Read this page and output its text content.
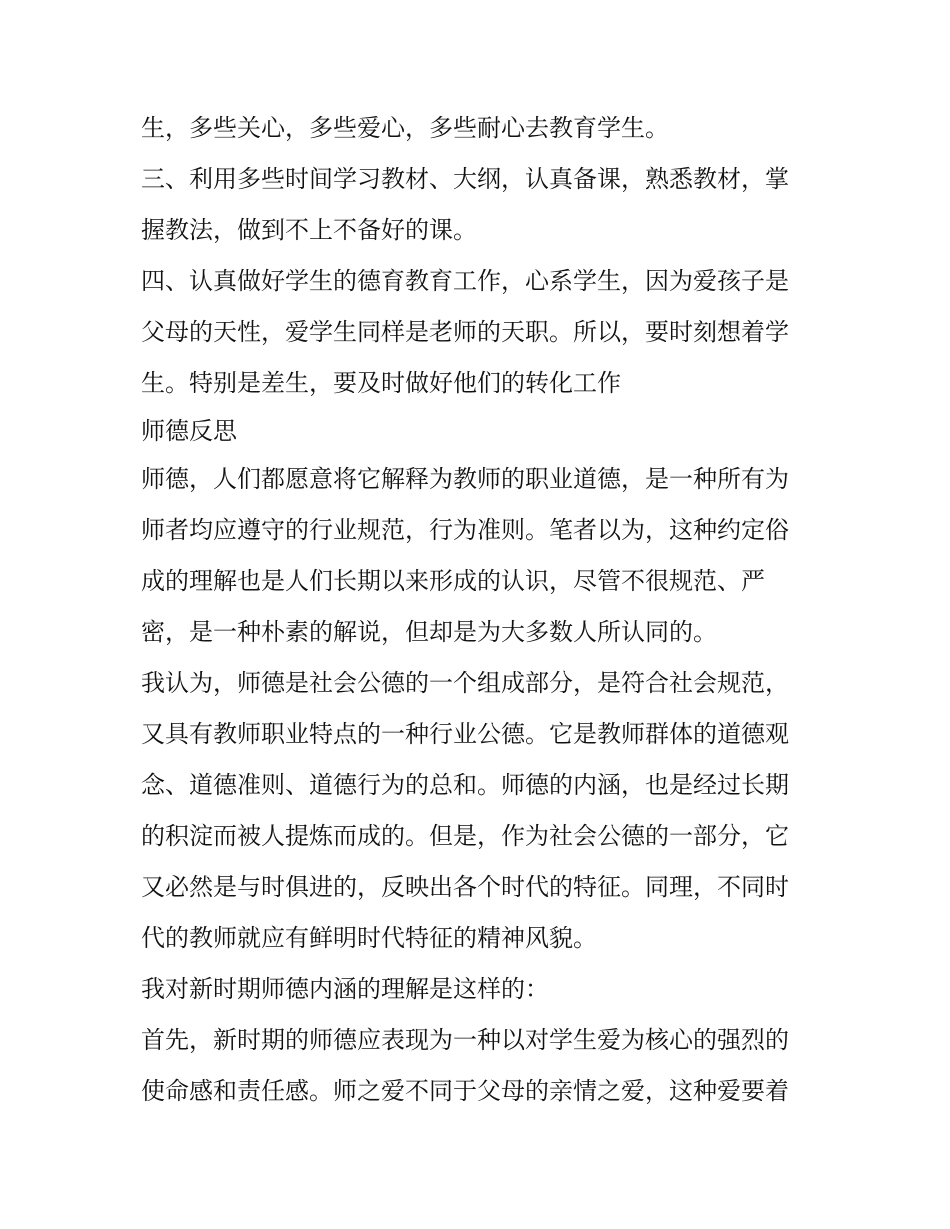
生，多些关心，多些爱心，多些耐心去教育学生。
三、利用多些时间学习教材、大纲，认真备课，熟悉教材，掌
握教法，做到不上不备好的课。
四、认真做好学生的德育教育工作，心系学生，因为爱孩子是
父母的天性，爱学生同样是老师的天职。所以，要时刻想着学
生。特别是差生，要及时做好他们的转化工作
师德反思
师德，人们都愿意将它解释为教师的职业道德，是一种所有为
师者均应遵守的行业规范，行为准则。笔者以为，这种约定俗
成的理解也是人们长期以来形成的认识，尽管不很规范、严
密，是一种朴素的解说，但却是为大多数人所认同的。
我认为，师德是社会公德的一个组成部分，是符合社会规范，
又具有教师职业特点的一种行业公德。它是教师群体的道德观
念、道德准则、道德行为的总和。师德的内涵，也是经过长期
的积淀而被人提炼而成的。但是，作为社会公德的一部分，它
又必然是与时俱进的，反映出各个时代的特征。同理，不同时
代的教师就应有鲜明时代特征的精神风貌。
我对新时期师德内涵的理解是这样的：
首先，新时期的师德应表现为一种以对学生爱为核心的强烈的
使命感和责任感。师之爱不同于父母的亲情之爱，这种爱要着
